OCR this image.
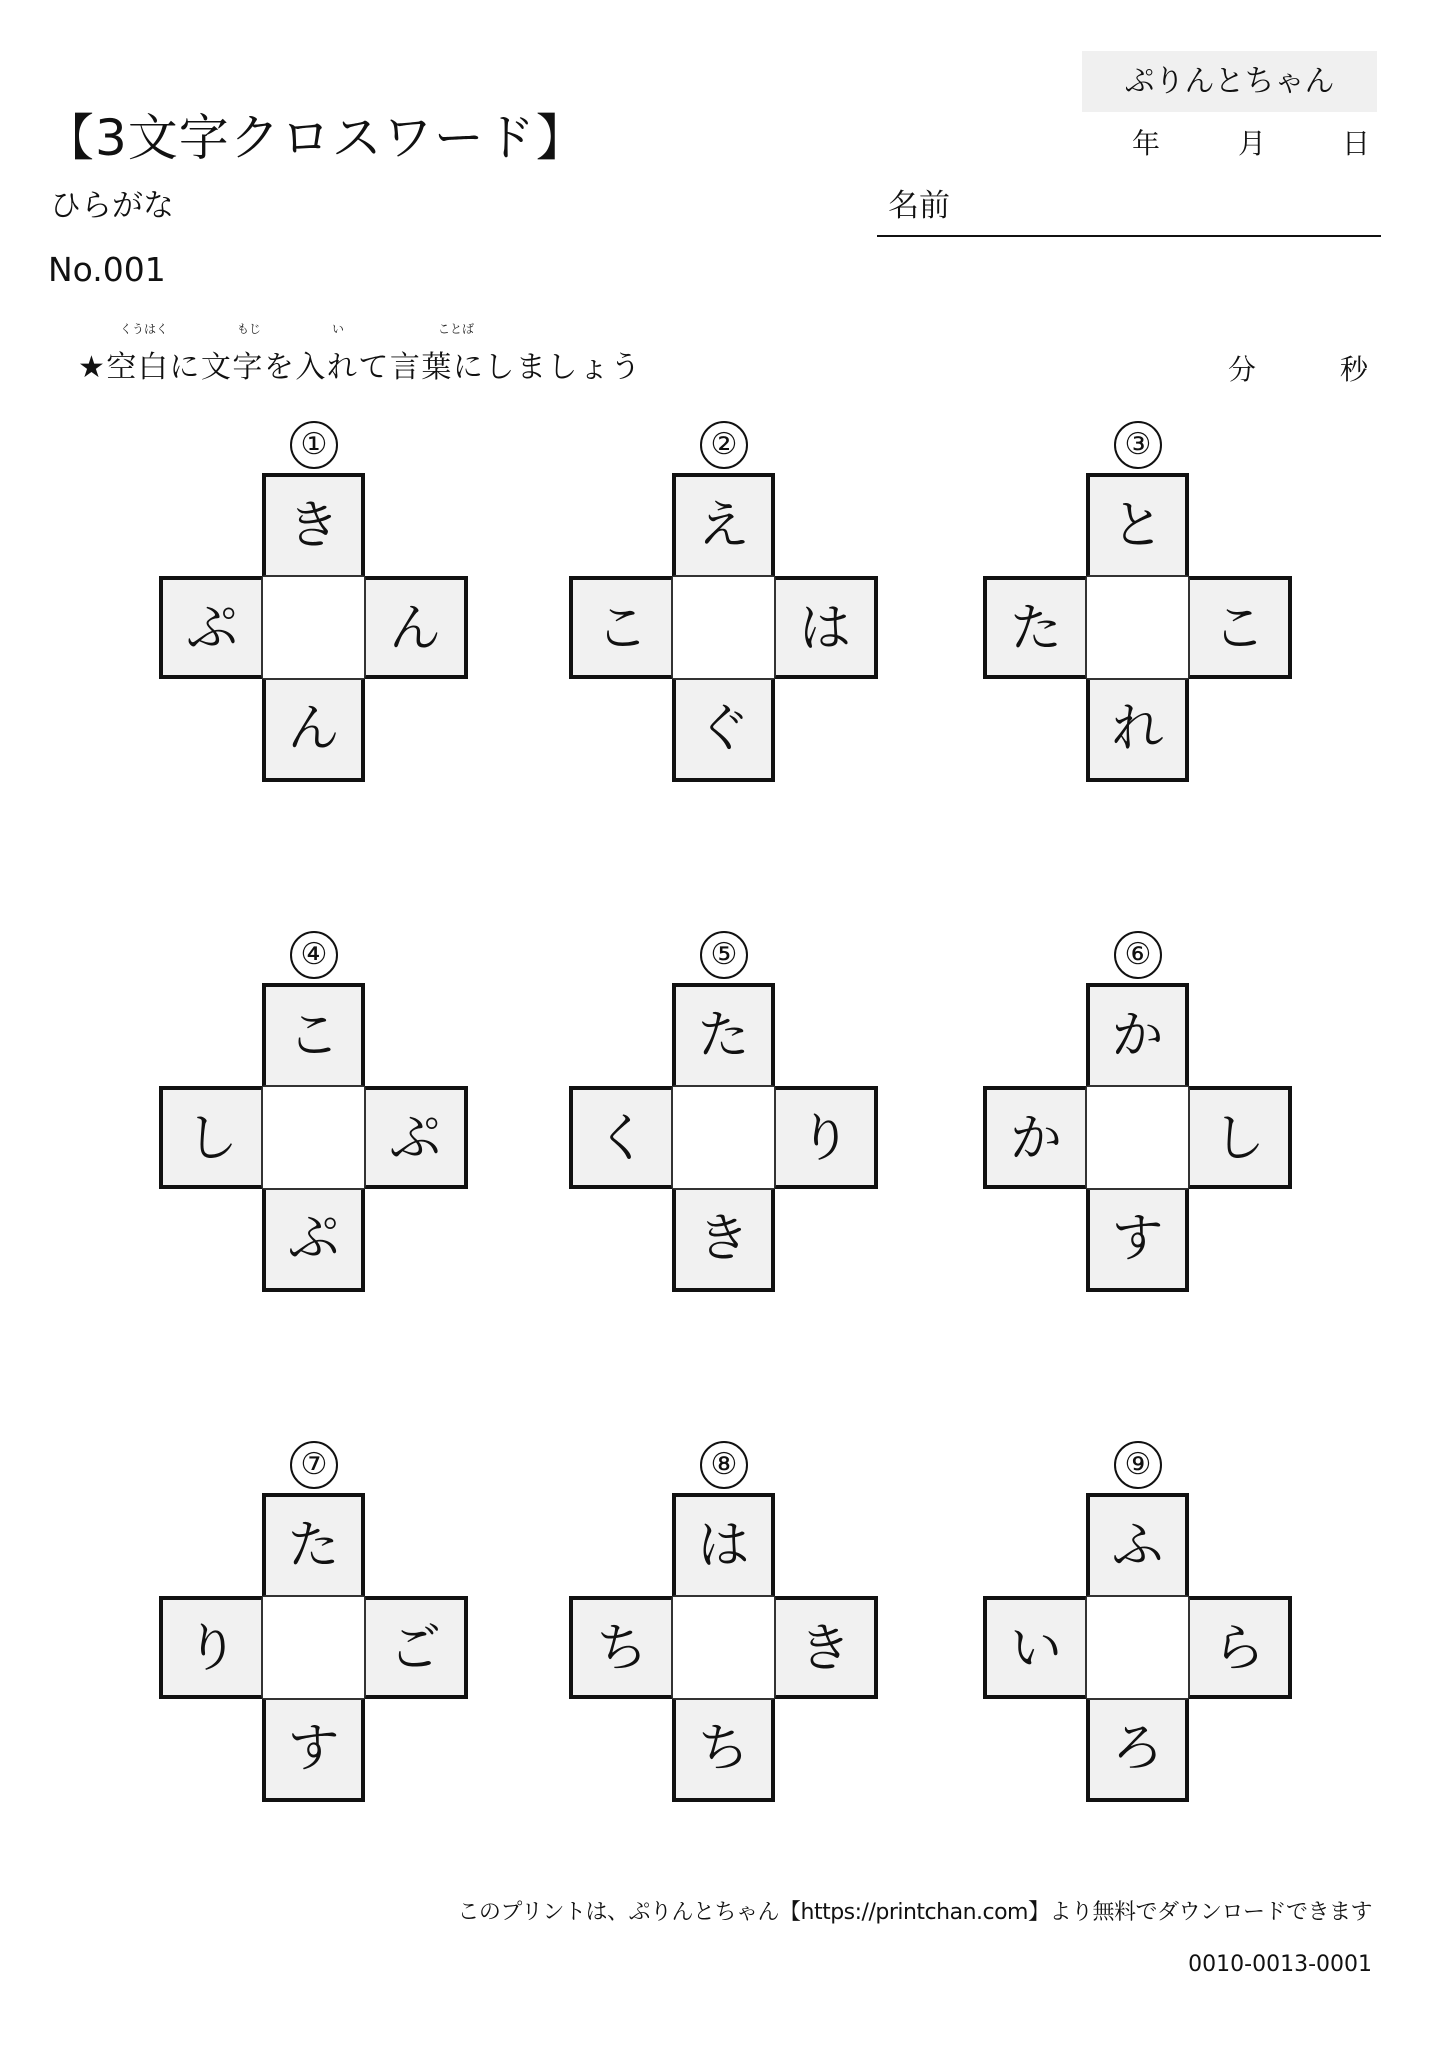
【3文字クロスワード】
ひらがな
No.001
ぷりんとちゃん
年	月	日
名前
くうはく	もじ	い	ことば
★空白に文字を入れて言葉にしましょう	分	秒
①
き
ぷ	ん
ん
②
え
こ	は
ぐ
③
と
た	こ
れ
④
こ
し	ぷ
ぷ
⑤
た
く	り
き
⑥
か
か	し
す
⑦
た
り	ご
す
⑧
は
ち	き
ち
⑨
ふ
い	ら
ろ
このプリントは、ぷりんとちゃん【https://printchan.com】より無料でダウンロードできます
0010-0013-0001
